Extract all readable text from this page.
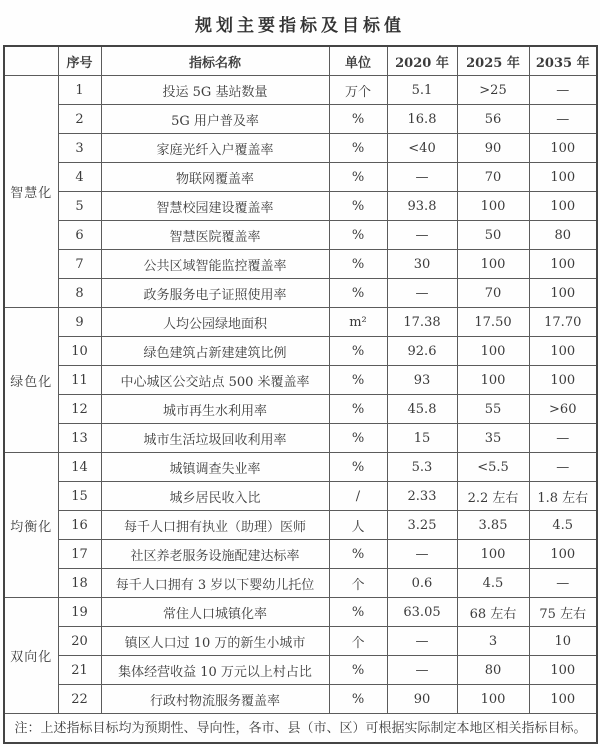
规划主要指标及目标值
	序号	指标名称	单位	2020 年	2025 年	2035 年
智慧化	1	投运 5G 基站数量	万个	5.1	>25	—
	2	5G 用户普及率	%	16.8	56	—
	3	家庭光纤入户覆盖率	%	<40	90	100
	4	物联网覆盖率	%	—	70	100
	5	智慧校园建设覆盖率	%	93.8	100	100
	6	智慧医院覆盖率	%	—	50	80
	7	公共区域智能监控覆盖率	%	30	100	100
	8	政务服务电子证照使用率	%	—	70	100
绿色化	9	人均公园绿地面积	m²	17.38	17.50	17.70
	10	绿色建筑占新建建筑比例	%	92.6	100	100
	11	中心城区公交站点 500 米覆盖率	%	93	100	100
	12	城市再生水利用率	%	45.8	55	>60
	13	城市生活垃圾回收利用率	%	15	35	—
均衡化	14	城镇调查失业率	%	5.3	<5.5	—
	15	城乡居民收入比	/	2.33	2.2 左右	1.8 左右
	16	每千人口拥有执业（助理）医师	人	3.25	3.85	4.5
	17	社区养老服务设施配建达标率	%	—	100	100
	18	每千人口拥有 3 岁以下婴幼儿托位	个	0.6	4.5	—
双向化	19	常住人口城镇化率	%	63.05	68 左右	75 左右
	20	镇区人口过 10 万的新生小城市	个	—	3	10
	21	集体经营收益 10 万元以上村占比	%	—	80	100
	22	行政村物流服务覆盖率	%	90	100	100
注：上述指标目标均为预期性、导向性，各市、县（市、区）可根据实际制定本地区相关指标目标。						
